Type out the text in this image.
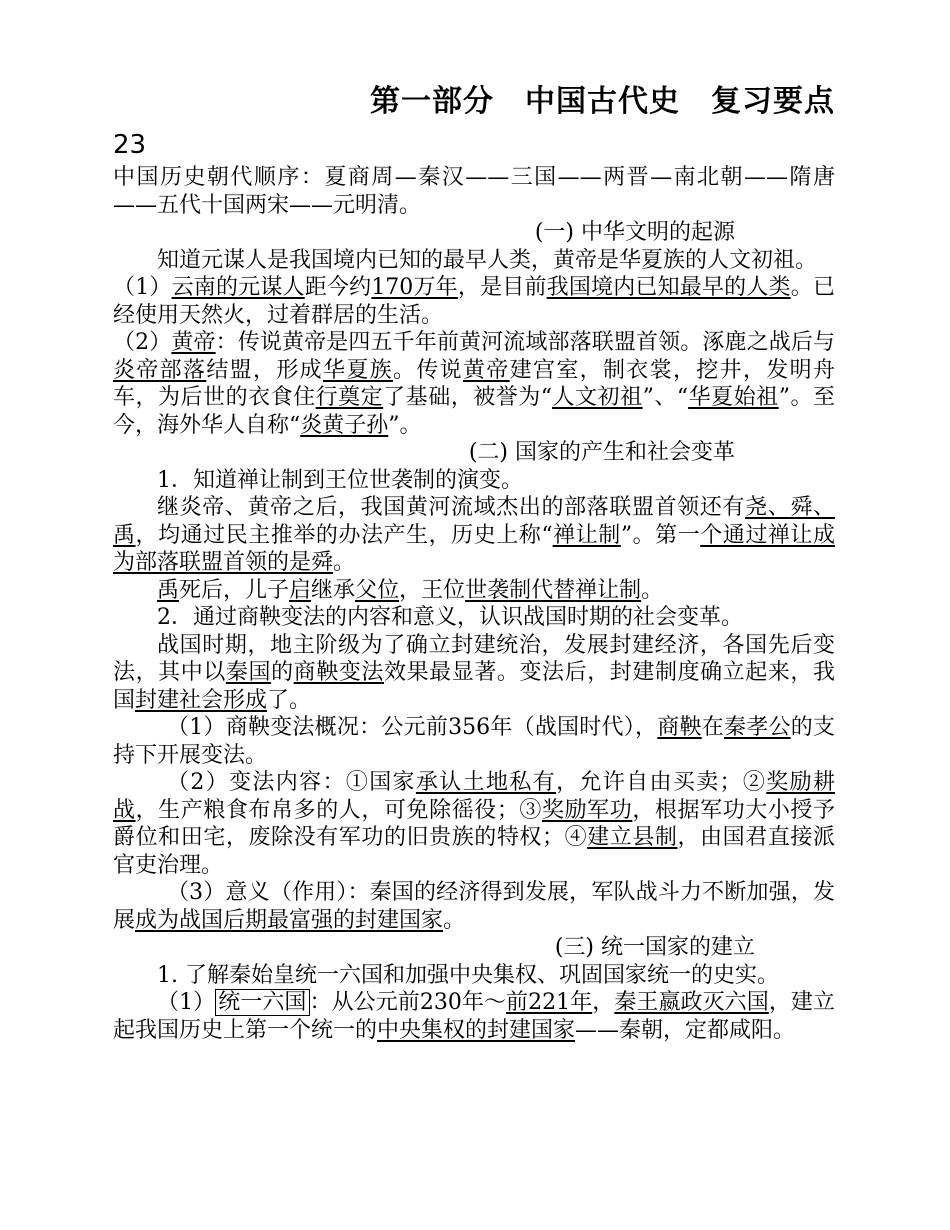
第一部分　中国古代史　复习要点
23

中国历史朝代顺序：夏商周—秦汉——三国——两晋—南北朝——隋唐——五代十国两宋——元明清。

(一) 中华文明的起源

知道元谋人是我国境内已知的最早人类，黄帝是华夏族的人文初祖。

（1）云南的元谋人距今约170万年，是目前我国境内已知最早的人类。已经使用天然火，过着群居的生活。

（2）黄帝：传说黄帝是四五千年前黄河流域部落联盟首领。涿鹿之战后与炎帝部落结盟，形成华夏族。传说黄帝建宫室，制衣裳，挖井，发明舟车，为后世的衣食住行奠定了基础，被誉为“人文初祖”、“华夏始祖”。至今，海外华人自称“炎黄子孙”。

(二) 国家的产生和社会变革

1．知道禅让制到王位世袭制的演变。

继炎帝、黄帝之后，我国黄河流域杰出的部落联盟首领还有尧、舜、禹，均通过民主推举的办法产生，历史上称“禅让制”。第一个通过禅让成为部落联盟首领的是舜。

禹死后，儿子启继承父位，王位世袭制代替禅让制。

2．通过商鞅变法的内容和意义，认识战国时期的社会变革。

战国时期，地主阶级为了确立封建统治，发展封建经济，各国先后变法，其中以秦国的商鞅变法效果最显著。变法后，封建制度确立起来，我国封建社会形成了。

（1）商鞅变法概况：公元前356年（战国时代），商鞅在秦孝公的支持下开展变法。

（2）变法内容：①国家承认土地私有，允许自由买卖；②奖励耕战，生产粮食布帛多的人，可免除徭役；③奖励军功，根据军功大小授予爵位和田宅，废除没有军功的旧贵族的特权；④建立县制，由国君直接派官吏治理。

（3）意义（作用）：秦国的经济得到发展，军队战斗力不断加强，发展成为战国后期最富强的封建国家。

(三) 统一国家的建立

1. 了解秦始皇统一六国和加强中央集权、巩固国家统一的史实。

（1） 统一六国 ：从公元前230年～前221年，秦王嬴政灭六国，建立起我国历史上第一个统一的中央集权的封建国家——秦朝，定都咸阳。
